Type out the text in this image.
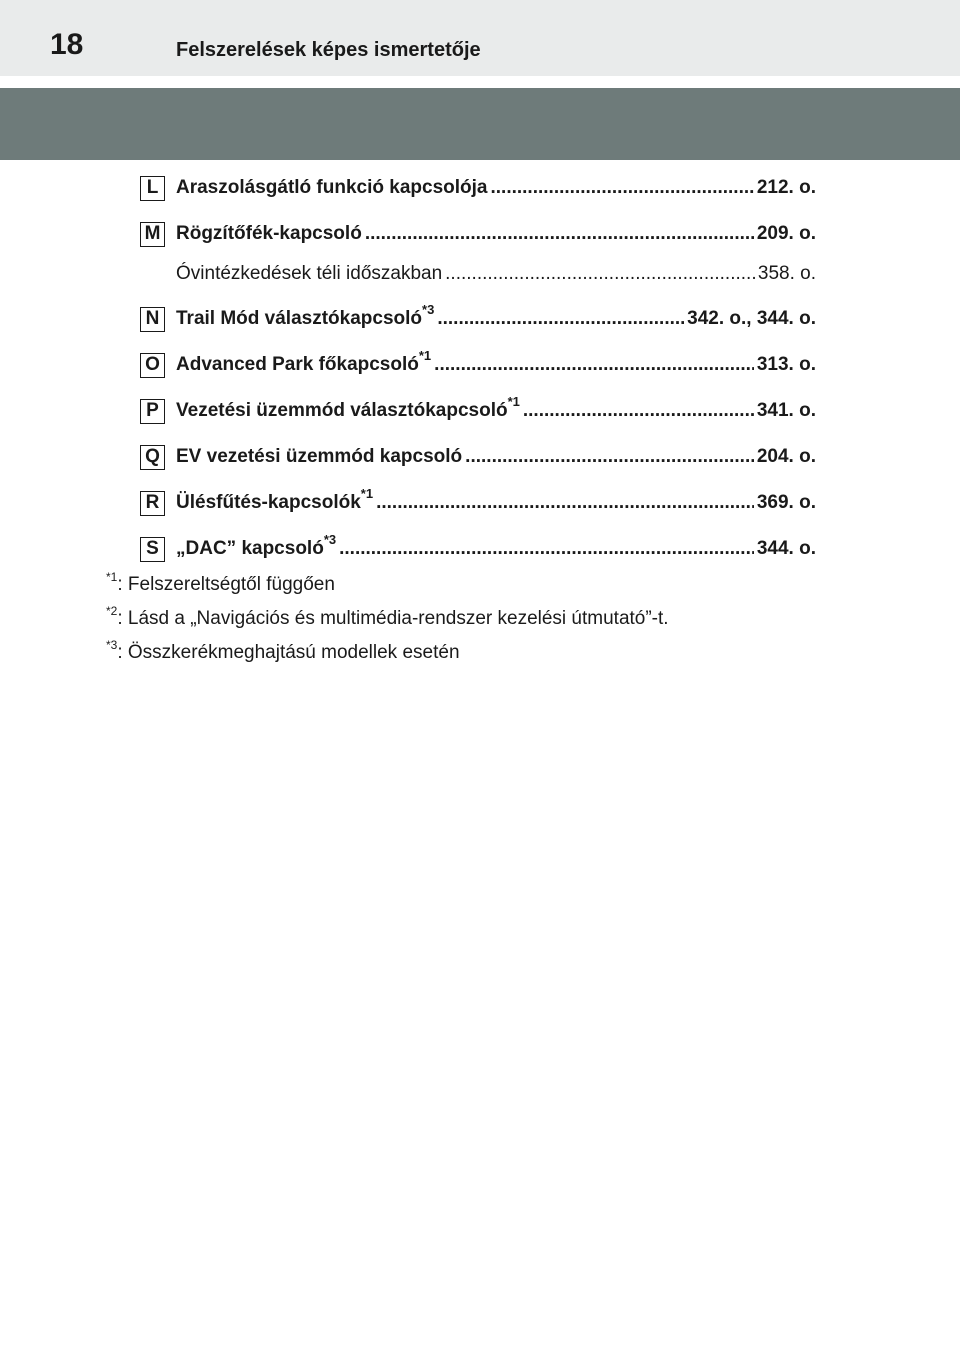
18	Felszerelések képes ismertetője
L Araszolásgátló funkció kapcsolója .....	212. o.
M Rögzítőfék-kapcsoló .....	209. o.
Óvintézkedések téli időszakban .....	358. o.
N Trail Mód választókapcsoló$^{*3}$ .....	342. o., 344. o.
O Advanced Park főkapcsoló$^{*1}$ .....	313. o.
P Vezetési üzemmód választókapcsoló$^{*1}$ .....	341. o.
Q EV vezetési üzemmód kapcsoló .....	204. o.
R Ülésfűtés-kapcsolók$^{*1}$ .....	369. o.
S „DAC” kapcsoló$^{*3}$ .....	344. o.
$^{*1}$: Felszereltségtől függően
$^{*2}$: Lásd a „Navigációs és multimédia-rendszer kezelési útmutató”-t.
$^{*3}$: Összkerékmeghajtású modellek esetén
